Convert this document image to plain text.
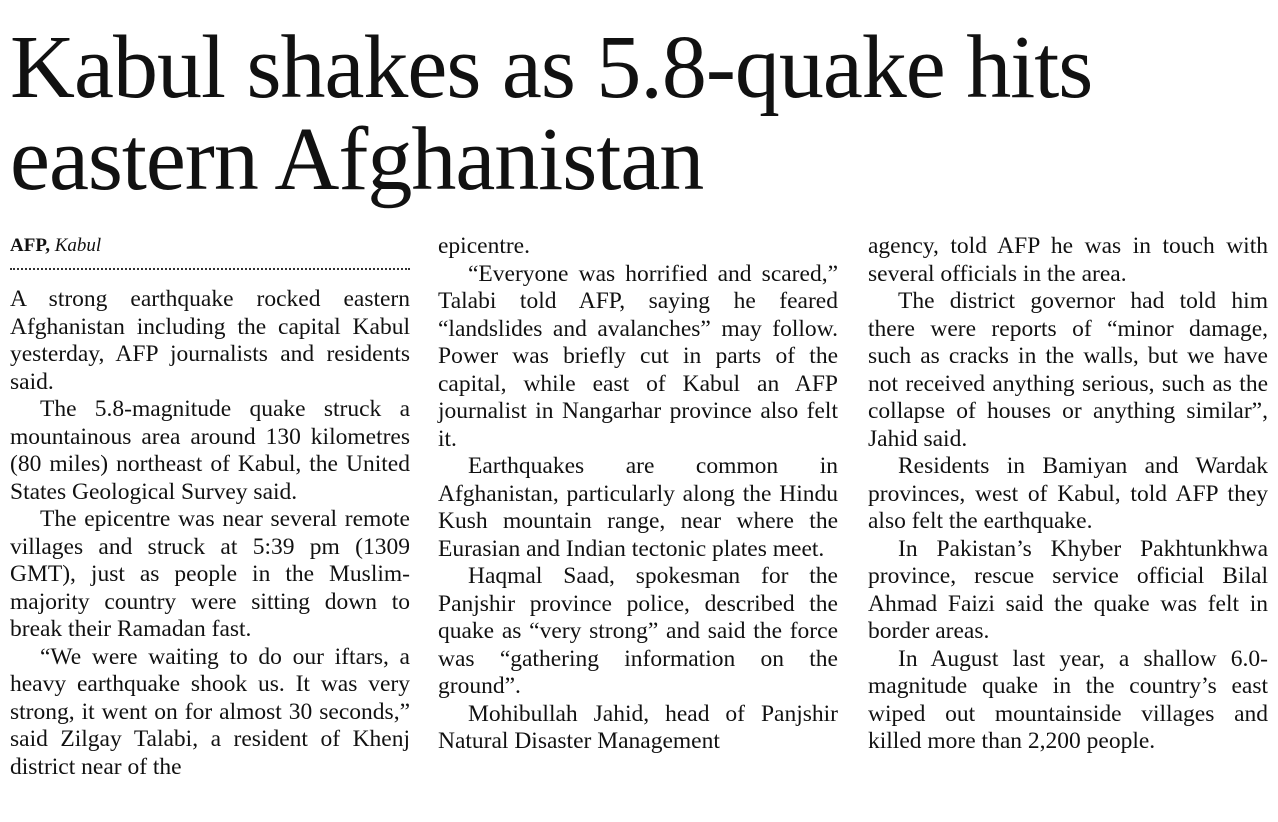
Kabul shakes as 5.8-quake hits
eastern Afghanistan
AFP, Kabul

A strong earthquake rocked eastern Afghanistan including the capital Kabul yesterday, AFP journalists and residents said.

The 5.8-magnitude quake struck a mountainous area around 130 kilometres (80 miles) northeast of Kabul, the United States Geological Survey said.

The epicentre was near several remote villages and struck at 5:39 pm (1309 GMT), just as people in the Muslim-majority country were sitting down to break their Ramadan fast.

“We were waiting to do our iftars, a heavy earthquake shook us. It was very strong, it went on for almost 30 seconds,” said Zilgay Talabi, a resident of Khenj district near of the

epicentre.

“Everyone was horrified and scared,” Talabi told AFP, saying he feared “landslides and avalanches” may follow. Power was briefly cut in parts of the capital, while east of Kabul an AFP journalist in Nangarhar province also felt it.

Earthquakes are common in Afghanistan, particularly along the Hindu Kush mountain range, near where the Eurasian and Indian tectonic plates meet.

Haqmal Saad, spokesman for the Panjshir province police, described the quake as “very strong” and said the force was “gathering information on the ground”.

Mohibullah Jahid, head of Panjshir Natural Disaster Management

agency, told AFP he was in touch with several officials in the area.

The district governor had told him there were reports of “minor damage, such as cracks in the walls, but we have not received anything serious, such as the collapse of houses or anything similar”, Jahid said.

Residents in Bamiyan and Wardak provinces, west of Kabul, told AFP they also felt the earthquake.

In Pakistan’s Khyber Pakhtunkhwa province, rescue service official Bilal Ahmad Faizi said the quake was felt in border areas.

In August last year, a shallow 6.0-magnitude quake in the country’s east wiped out mountainside villages and killed more than 2,200 people.
